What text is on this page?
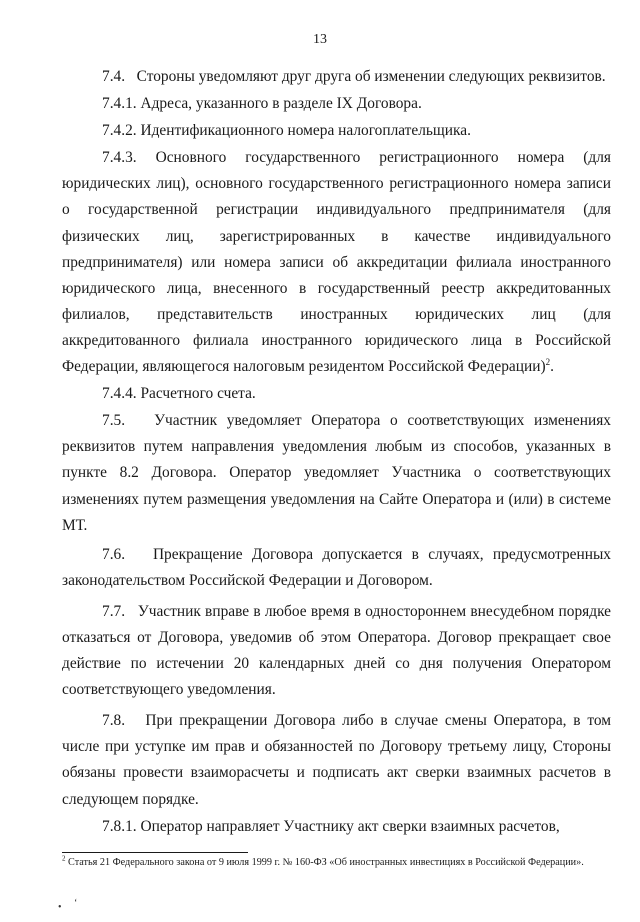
13

7.4.   Стороны уведомляют друг друга об изменении следующих реквизитов.

7.4.1. Адреса, указанного в разделе IX Договора.

7.4.2. Идентификационного номера налогоплательщика.

7.4.3. Основного государственного регистрационного номера (для юридических лиц), основного государственного регистрационного номера записи о государственной регистрации индивидуального предпринимателя (для физических лиц, зарегистрированных в качестве индивидуального предпринимателя) или номера записи об аккредитации филиала иностранного юридического лица, внесенного в государственный реестр аккредитованных филиалов, представительств иностранных юридических лиц (для аккредитованного филиала иностранного юридического лица в Российской Федерации, являющегося налоговым резидентом Российской Федерации)$^2$.

7.4.4. Расчетного счета.

7.5.   Участник уведомляет Оператора о соответствующих изменениях реквизитов путем направления уведомления любым из способов, указанных в пункте 8.2 Договора. Оператор уведомляет Участника о соответствующих изменениях путем размещения уведомления на Сайте Оператора и (или) в системе МТ.

7.6.   Прекращение Договора допускается в случаях, предусмотренных законодательством Российской Федерации и Договором.

7.7.   Участник вправе в любое время в одностороннем внесудебном порядке отказаться от Договора, уведомив об этом Оператора. Договор прекращает свое действие по истечении 20 календарных дней со дня получения Оператором соответствующего уведомления.

7.8.   При прекращении Договора либо в случае смены Оператора, в том числе при уступке им прав и обязанностей по Договору третьему лицу, Стороны обязаны провести взаиморасчеты и подписать акт сверки взаимных расчетов в следующем порядке.

7.8.1. Оператор направляет Участнику акт сверки взаимных расчетов,

$^2$ Статья 21 Федерального закона от 9 июля 1999 г. № 160-ФЗ «Об иностранных инвестициях в Российской Федерации».
• ‘
